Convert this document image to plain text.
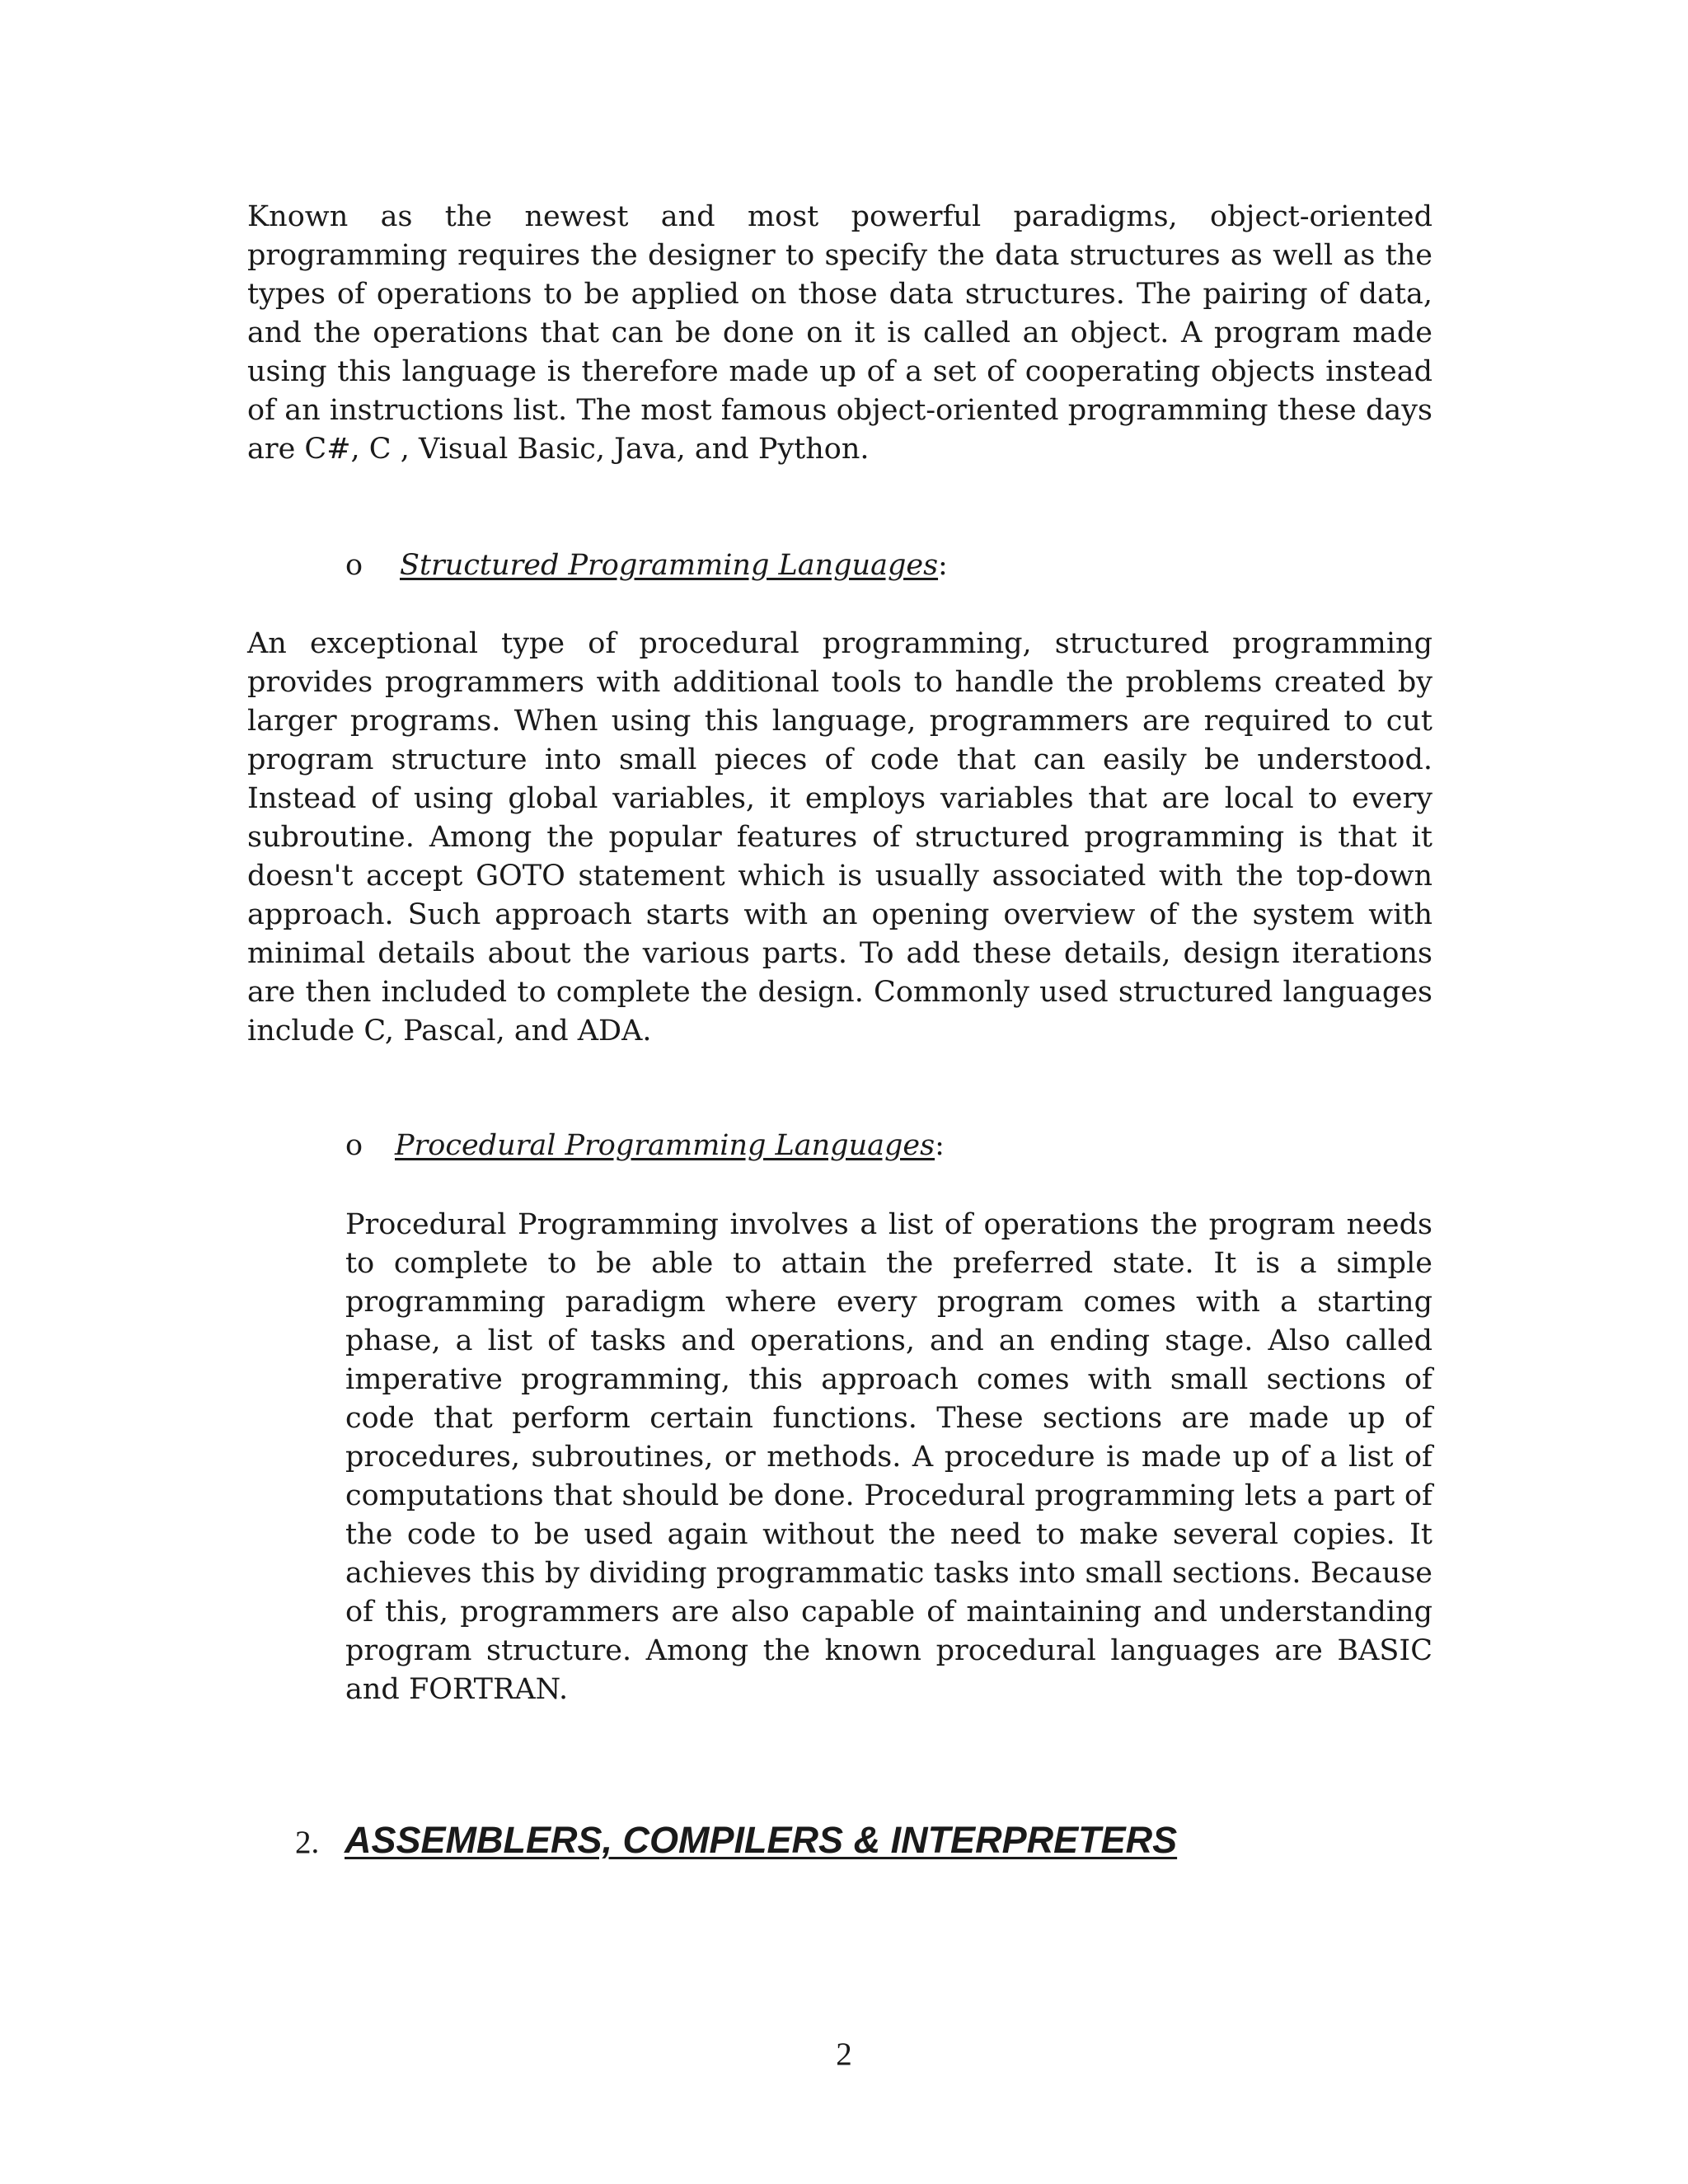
Known as the newest and most powerful paradigms, object-oriented programming requires the designer to specify the data structures as well as the types of operations to be applied on those data structures. The pairing of data, and the operations that can be done on it is called an object. A program made using this language is therefore made up of a set of cooperating objects instead of an instructions list. The most famous object-oriented programming these days are C#, C , Visual Basic, Java, and Python.

o Structured Programming Languages:

An exceptional type of procedural programming, structured programming provides programmers with additional tools to handle the problems created by larger programs. When using this language, programmers are required to cut program structure into small pieces of code that can easily be understood. Instead of using global variables, it employs variables that are local to every subroutine. Among the popular features of structured programming is that it doesn't accept GOTO statement which is usually associated with the top-down approach. Such approach starts with an opening overview of the system with minimal details about the various parts. To add these details, design iterations are then included to complete the design. Commonly used structured languages include C, Pascal, and ADA.

o Procedural Programming Languages:

Procedural Programming involves a list of operations the program needs to complete to be able to attain the preferred state. It is a simple programming paradigm where every program comes with a starting phase, a list of tasks and operations, and an ending stage. Also called imperative programming, this approach comes with small sections of code that perform certain functions. These sections are made up of procedures, subroutines, or methods. A procedure is made up of a list of computations that should be done. Procedural programming lets a part of the code to be used again without the need to make several copies. It achieves this by dividing programmatic tasks into small sections. Because of this, programmers are also capable of maintaining and understanding program structure. Among the known procedural languages are BASIC and FORTRAN.

2. ASSEMBLERS, COMPILERS & INTERPRETERS
2
